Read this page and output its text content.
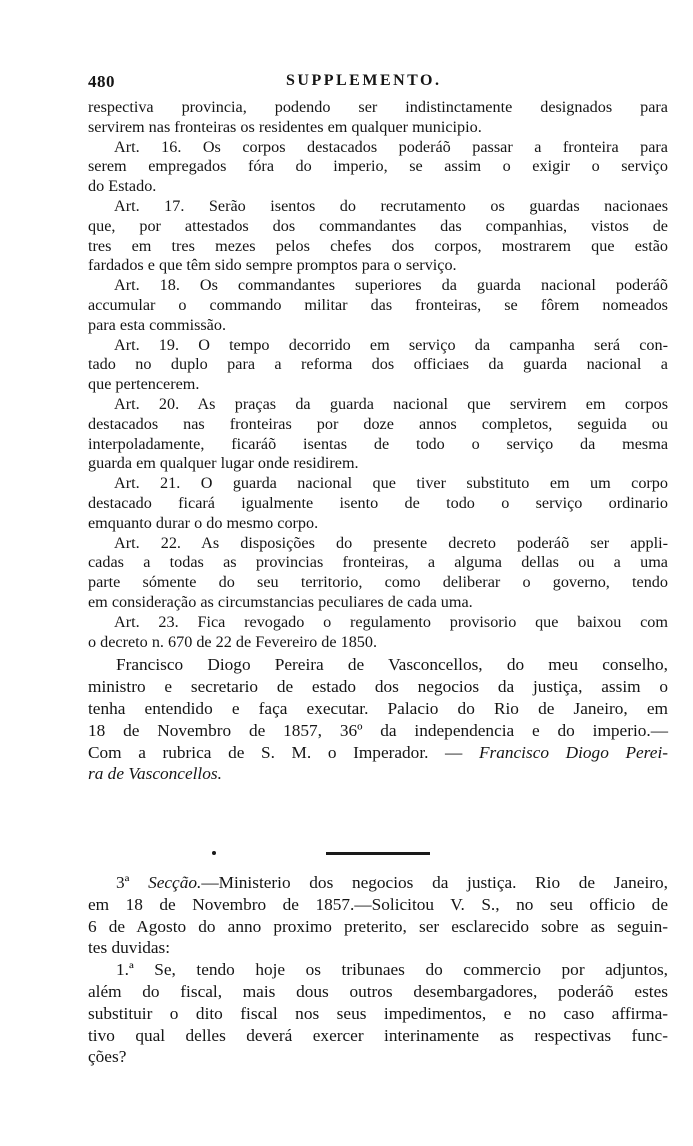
480	SUPPLEMENTO.
respectiva provincia, podendo ser indistinctamente designados para
servirem nas fronteiras os residentes em qualquer municipio.
Art. 16. Os corpos destacados poderáõ passar a fronteira para
serem empregados fóra do imperio, se assim o exigir o serviço
do Estado.
Art. 17. Serão isentos do recrutamento os guardas nacionaes
que, por attestados dos commandantes das companhias, vistos de
tres em tres mezes pelos chefes dos corpos, mostrarem que estão
fardados e que têm sido sempre promptos para o serviço.
Art. 18. Os commandantes superiores da guarda nacional poderáõ
accumular o commando militar das fronteiras, se fôrem nomeados
para esta commissão.
Art. 19. O tempo decorrido em serviço da campanha será con-
tado no duplo para a reforma dos officiaes da guarda nacional a
que pertencerem.
Art. 20. As praças da guarda nacional que servirem em corpos
destacados nas fronteiras por doze annos completos, seguida ou
interpoladamente, ficaráõ isentas de todo o serviço da mesma
guarda em qualquer lugar onde residirem.
Art. 21. O guarda nacional que tiver substituto em um corpo
destacado ficará igualmente isento de todo o serviço ordinario
emquanto durar o do mesmo corpo.
Art. 22. As disposições do presente decreto poderáõ ser appli-
cadas a todas as provincias fronteiras, a alguma dellas ou a uma
parte sómente do seu territorio, como deliberar o governo, tendo
em consideração as circumstancias peculiares de cada uma.
Art. 23. Fica revogado o regulamento provisorio que baixou com
o decreto n. 670 de 22 de Fevereiro de 1850.
Francisco Diogo Pereira de Vasconcellos, do meu conselho,
ministro e secretario de estado dos negocios da justiça, assim o
tenha entendido e faça executar. Palacio do Rio de Janeiro, em
18 de Novembro de 1857, 36º da independencia e do imperio.—
Com a rubrica de S. M. o Imperador. — Francisco Diogo Perei-
ra de Vasconcellos.
3ª Secção.—Ministerio dos negocios da justiça. Rio de Janeiro,
em 18 de Novembro de 1857.—Solicitou V. S., no seu officio de
6 de Agosto do anno proximo preterito, ser esclarecido sobre as seguin-
tes duvidas:
1.ª Se, tendo hoje os tribunaes do commercio por adjuntos,
além do fiscal, mais dous outros desembargadores, poderáõ estes
substituir o dito fiscal nos seus impedimentos, e no caso affirma-
tivo qual delles deverá exercer interinamente as respectivas func-
ções?
